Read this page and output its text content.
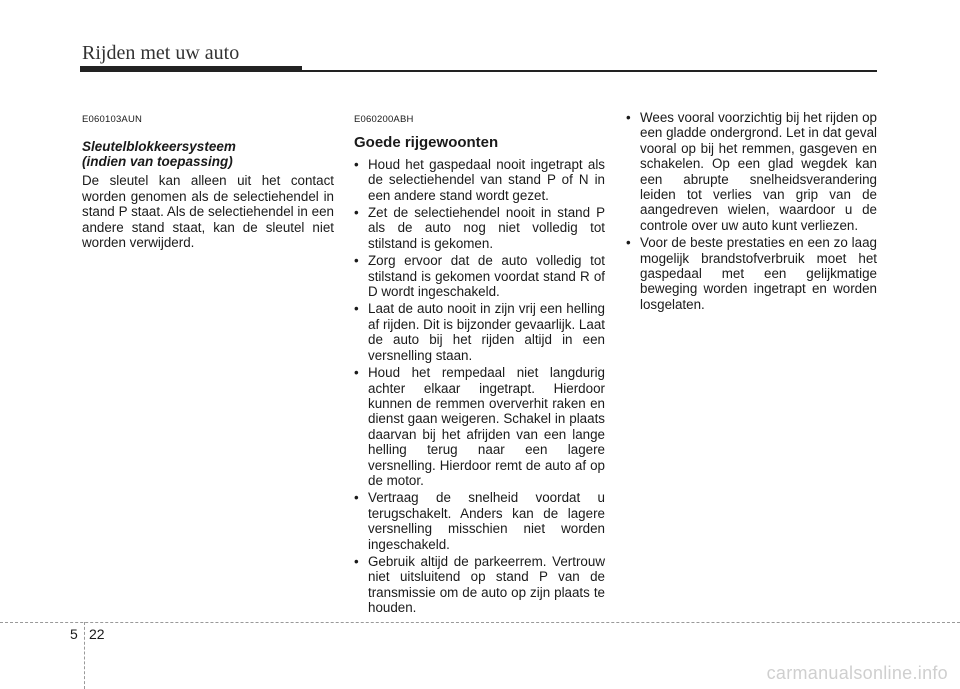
Rijden met uw auto
E060103AUN
Sleutelblokkeersysteem
(indien van toepassing)
De sleutel kan alleen uit het contact worden genomen als de selectiehendel in stand P staat. Als de selectiehendel in een andere stand staat, kan de sleutel niet worden verwijderd.
E060200ABH
Goede rijgewoonten
• Houd het gaspedaal nooit ingetrapt als de selectiehendel van stand P of N in een andere stand wordt gezet.
• Zet de selectiehendel nooit in stand P als de auto nog niet volledig tot stilstand is gekomen.
• Zorg ervoor dat de auto volledig tot stilstand is gekomen voordat stand R of D wordt ingeschakeld.
• Laat de auto nooit in zijn vrij een helling af rijden. Dit is bijzonder gevaarlijk. Laat de auto bij het rijden altijd in een versnelling staan.
• Houd het rempedaal niet langdurig achter elkaar ingetrapt. Hierdoor kunnen de remmen oververhit raken en dienst gaan weigeren. Schakel in plaats daarvan bij het afrijden van een lange helling terug naar een lagere versnelling. Hierdoor remt de auto af op de motor.
• Vertraag de snelheid voordat u terugschakelt. Anders kan de lagere versnelling misschien niet worden ingeschakeld.
• Gebruik altijd de parkeerrem. Vertrouw niet uitsluitend op stand P van de transmissie om de auto op zijn plaats te houden.
• Wees vooral voorzichtig bij het rijden op een gladde ondergrond. Let in dat geval vooral op bij het remmen, gasgeven en schakelen. Op een glad wegdek kan een abrupte snelheidsverandering leiden tot verlies van grip van de aangedreven wielen, waardoor u de controle over uw auto kunt verliezen.
• Voor de beste prestaties en een zo laag mogelijk brandstofverbruik moet het gaspedaal met een gelijkmatige beweging worden ingetrapt en worden losgelaten.
5 22
carmanualsonline.info
